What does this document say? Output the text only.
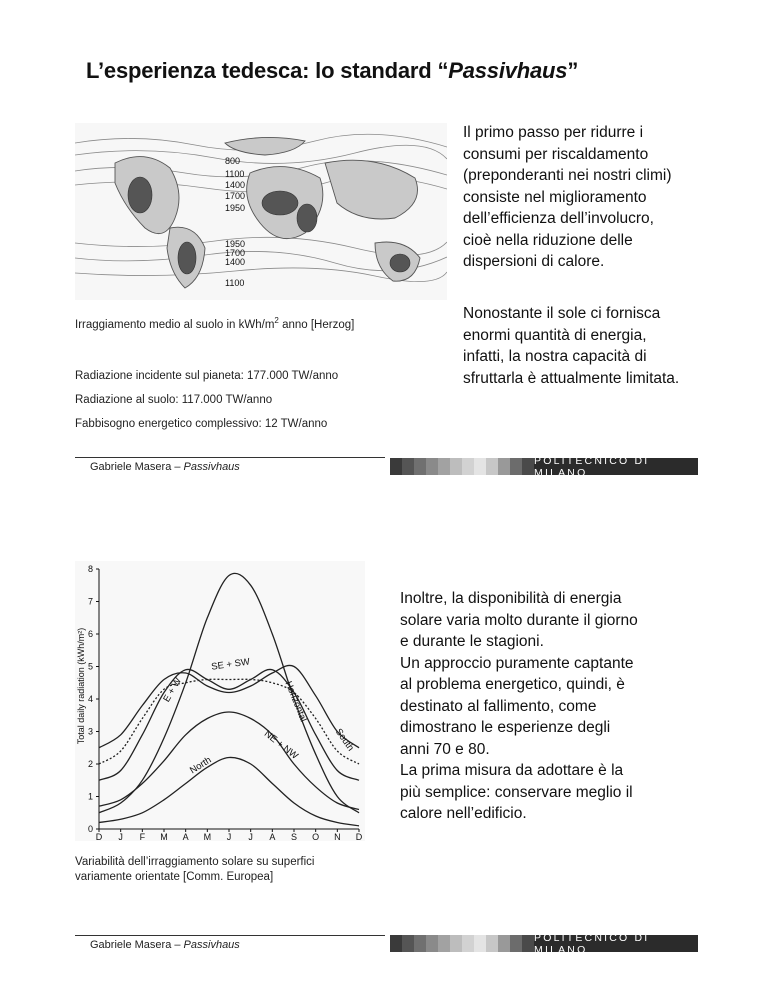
L’esperienza tedesca: lo standard “Passivhaus”
800
1100
1400
1700
1950
1950
1700
1400
1100
Irraggiamento medio al suolo in kWh/$m^2$ anno [Herzog]
Radiazione incidente sul pianeta: 177.000 TW/anno
Radiazione al suolo: 117.000 TW/anno
Fabbisogno energetico complessivo: 12 TW/anno
Il primo passo per ridurre i consumi per riscaldamento (preponderanti nei nostri climi) consiste nel miglioramento dell’efficienza dell’involucro, cioè nella riduzione delle dispersioni di calore.
Nonostante il sole ci fornisca enormi quantità di energia, infatti, la nostra capacità di sfruttarla è attualmente limitata.
Gabriele Masera – Passivhaus
POLITECNICO DI MILANO
Horizontal
South
SE + SW
E + W
NE + NW
North
0
1
2
3
4
5
6
7
8
D J F M A M J J A S O N D
Total daily radiation (kWh/m²)
Variabilità dell’irraggiamento solare su superfici
variamente orientate [Comm. Europea]
Inoltre, la disponibilità di energia
solare varia molto durante il giorno
e durante le stagioni.
Un approccio puramente captante
al problema energetico, quindi, è
destinato al fallimento, come
dimostrano le esperienze degli
anni 70 e 80.
La prima misura da adottare è la
più semplice: conservare meglio il
calore nell’edificio.
Gabriele Masera – Passivhaus
POLITECNICO DI MILANO
